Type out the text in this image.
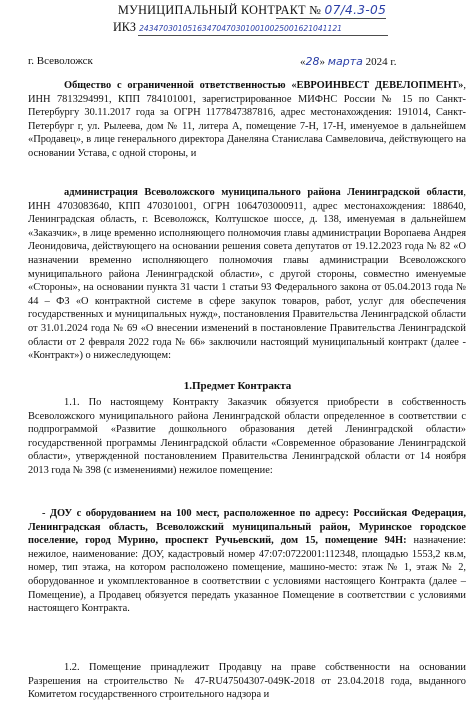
МУНИЦИПАЛЬНЫЙ КОНТРАКТ № 07/4.3-05
ИКЗ 243470301051634704703010010025001621041121
г. Всеволожск	«28» марта 2024 г.

Общество с ограниченной ответственностью «ЕВРОИНВЕСТ ДЕВЕЛОПМЕНТ», ИНН 7813294991, КПП 784101001, зарегистрированное МИФНС России № 15 по Санкт-Петербургу 30.11.2017 года за ОГРН 1177847387816, адрес местонахождения: 191014, Санкт-Петербург г, ул. Рылеева, дом № 11, литера А, помещение 7-Н, 17-Н, именуемое в дальнейшем «Продавец», в лице генерального директора Данеляна Станислава Самвеловича, действующего на основании Устава, с одной стороны, и

администрация Всеволожского муниципального района Ленинградской области, ИНН 4703083640, КПП 470301001, ОГРН 1064703000911, адрес местонахождения: 188640, Ленинградская область, г. Всеволожск, Колтушское шоссе, д. 138, именуемая в дальнейшем «Заказчик», в лице временно исполняющего полномочия главы администрации Воропаева Андрея Леонидовича, действующего на основании решения совета депутатов от 19.12.2023 года № 82 «О назначении временно исполняющего полномочия главы администрации Всеволожского муниципального района Ленинградской области», с другой стороны, совместно именуемые «Стороны», на основании пункта 31 части 1 статьи 93 Федерального закона от 05.04.2013 года № 44 – ФЗ «О контрактной системе в сфере закупок товаров, работ, услуг для обеспечения государственных и муниципальных нужд», постановления Правительства Ленинградской области от 31.01.2024 года № 69 «О внесении изменений в постановление Правительства Ленинградской области от 2 февраля 2022 года № 66» заключили настоящий муниципальный контракт (далее - «Контракт») о нижеследующем:

1.Предмет Контракта

1.1. По настоящему Контракту Заказчик обязуется приобрести в собственность Всеволожского муниципального района Ленинградской области определенное в соответствии с подпрограммой «Развитие дошкольного образования детей Ленинградской области» государственной программы Ленинградской области «Современное образование Ленинградской области», утвержденной постановлением Правительства Ленинградской области от 14 ноября 2013 года № 398 (с изменениями) нежилое помещение:

- ДОУ с оборудованием на 100 мест, расположенное по адресу: Российская Федерация, Ленинградская область, Всеволожский муниципальный район, Муринское городское поселение, город Мурино, проспект Ручьевский, дом 15, помещение 94Н: назначение: нежилое, наименование: ДОУ, кадастровый номер 47:07:0722001:112348, площадью 1553,2 кв.м, номер, тип этажа, на котором расположено помещение, машино-место: этаж № 1, этаж № 2, оборудованное и укомплектованное в соответствии с условиями настоящего Контракта (далее – Помещение), а Продавец обязуется передать указанное Помещение в соответствии с условиями настоящего Контракта.

1.2. Помещение принадлежит Продавцу на праве собственности на основании Разрешения на строительство № 47-RU47504307-049К-2018 от 23.04.2018 года, выданного Комитетом государственного строительного надзора и
